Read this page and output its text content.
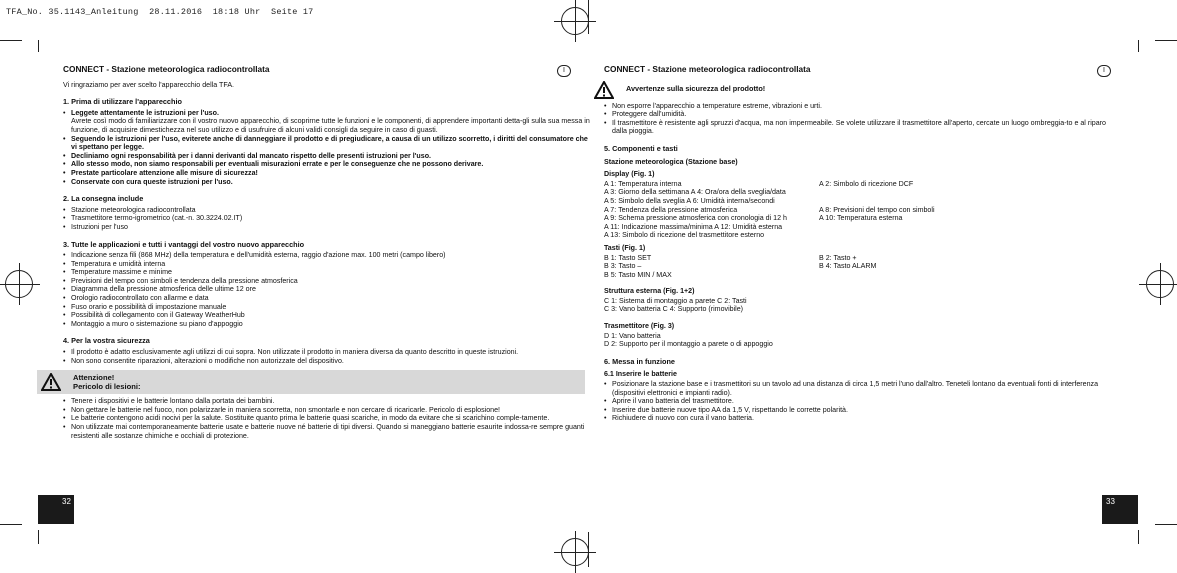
TFA_No. 35.1143_Anleitung  28.11.2016  18:18 Uhr  Seite 17
I	I
CONNECT - Stazione meteorologica radiocontrollata

Vi ringraziamo per aver scelto l'apparecchio della TFA.

1. Prima di utilizzare l'apparecchio
• Leggete attentamente le istruzioni per l'uso.
Avrete così modo di familiarizzare con il vostro nuovo apparecchio, di scoprirne tutte le funzioni e le componenti, di apprendere importanti detta-gli sulla sua messa in funzione, di acquisire dimestichezza nel suo utilizzo e di usufruire di alcuni validi consigli da seguire in caso di guasti.
• Seguendo le istruzioni per l'uso, eviterete anche di danneggiare il prodotto e di pregiudicare, a causa di un utilizzo scorretto, i diritti del consumatore che vi spettano per legge.
• Decliniamo ogni responsabilità per i danni derivanti dal mancato rispetto delle presenti istruzioni per l'uso.
• Allo stesso modo, non siamo responsabili per eventuali misurazioni errate e per le conseguenze che ne possono derivare.
• Prestate particolare attenzione alle misure di sicurezza!
• Conservate con cura queste istruzioni per l'uso.
2. La consegna include
• Stazione meteorologica radiocontrollata
• Trasmettitore termo-igrometrico (cat.-n. 30.3224.02.IT)
• Istruzioni per l'uso
3. Tutte le applicazioni e tutti i vantaggi del vostro nuovo apparecchio
• Indicazione senza fili (868 MHz) della temperatura e dell'umidità esterna, raggio d'azione max. 100 metri (campo libero)
• Temperatura e umidità interna
• Temperature massime e minime
• Previsioni del tempo con simboli e tendenza della pressione atmosferica
• Diagramma della pressione atmosferica delle ultime 12 ore
• Orologio radiocontrollato con allarme e data
• Fuso orario e possibilità di impostazione manuale
• Possibilità di collegamento con il Gateway WeatherHub
• Montaggio a muro o sistemazione su piano d'appoggio
4. Per la vostra sicurezza
• Il prodotto è adatto esclusivamente agli utilizzi di cui sopra. Non utilizzate il prodotto in maniera diversa da quanto descritto in queste istruzioni.
• Non sono consentite riparazioni, alterazioni o modifiche non autorizzate del dispositivo.
Attenzione!
Pericolo di lesioni:
• Tenere i dispositivi e le batterie lontano dalla portata dei bambini.
• Non gettare le batterie nel fuoco, non polarizzarle in maniera scorretta, non smontarle e non cercare di ricaricarle. Pericolo di esplosione!
• Le batterie contengono acidi nocivi per la salute. Sostituite quanto prima le batterie quasi scariche, in modo da evitare che si scarichino comple-tamente.
• Non utilizzate mai contemporaneamente batterie usate e batterie nuove né batterie di tipi diversi. Quando si maneggiano batterie esaurite indossa-re sempre guanti resistenti alle sostanze chimiche e occhiali di protezione.
32
CONNECT - Stazione meteorologica radiocontrollata
Avvertenze sulla sicurezza del prodotto!
• Non esporre l'apparecchio a temperature estreme, vibrazioni e urti.
• Proteggere dall'umidità.
• Il trasmettitore è resistente agli spruzzi d'acqua, ma non impermeabile. Se volete utilizzare il trasmettitore all'aperto, cercate un luogo ombreggia-to e al riparo dalla pioggia.
5. Componenti e tasti
Stazione meteorologica (Stazione base)
Display (Fig. 1)
A 1: Temperatura interna	A 2: Simbolo di ricezione DCF
A 3: Giorno della settimana A 4: Ora/ora della sveglia/data
A 5: Simbolo della sveglia A 6: Umidità interna/secondi
A 7: Tendenza della pressione atmosferica	A 8: Previsioni del tempo con simboli
A 9: Schema pressione atmosferica con cronologia di 12 h	A 10: Temperatura esterna
A 11: Indicazione massima/minima A 12: Umidità esterna
A 13: Simbolo di ricezione del trasmettitore esterno
Tasti (Fig. 1)
B 1: Tasto SET	B 2: Tasto +
B 3: Tasto –	B 4: Tasto ALARM
B 5: Tasto MIN / MAX
Struttura esterna (Fig. 1+2)

C 1: Sistema di montaggio a parete C 2: Tasti

C 3: Vano batteria C 4: Supporto (rimovibile)

Trasmettitore (Fig. 3)

D 1: Vano batteria

D 2: Supporto per il montaggio a parete o di appoggio

6. Messa in funzione
6.1 Inserire le batterie
• Posizionare la stazione base e i trasmettitori su un tavolo ad una distanza di circa 1,5 metri l'uno dall'altro. Teneteli lontano da eventuali fonti di interferenza (dispositivi elettronici e impianti radio).
• Aprire il vano batteria del trasmettitore.
• Inserire due batterie nuove tipo AA da 1,5 V, rispettando le corrette polarità.
• Richiudere di nuovo con cura il vano batteria.
33
